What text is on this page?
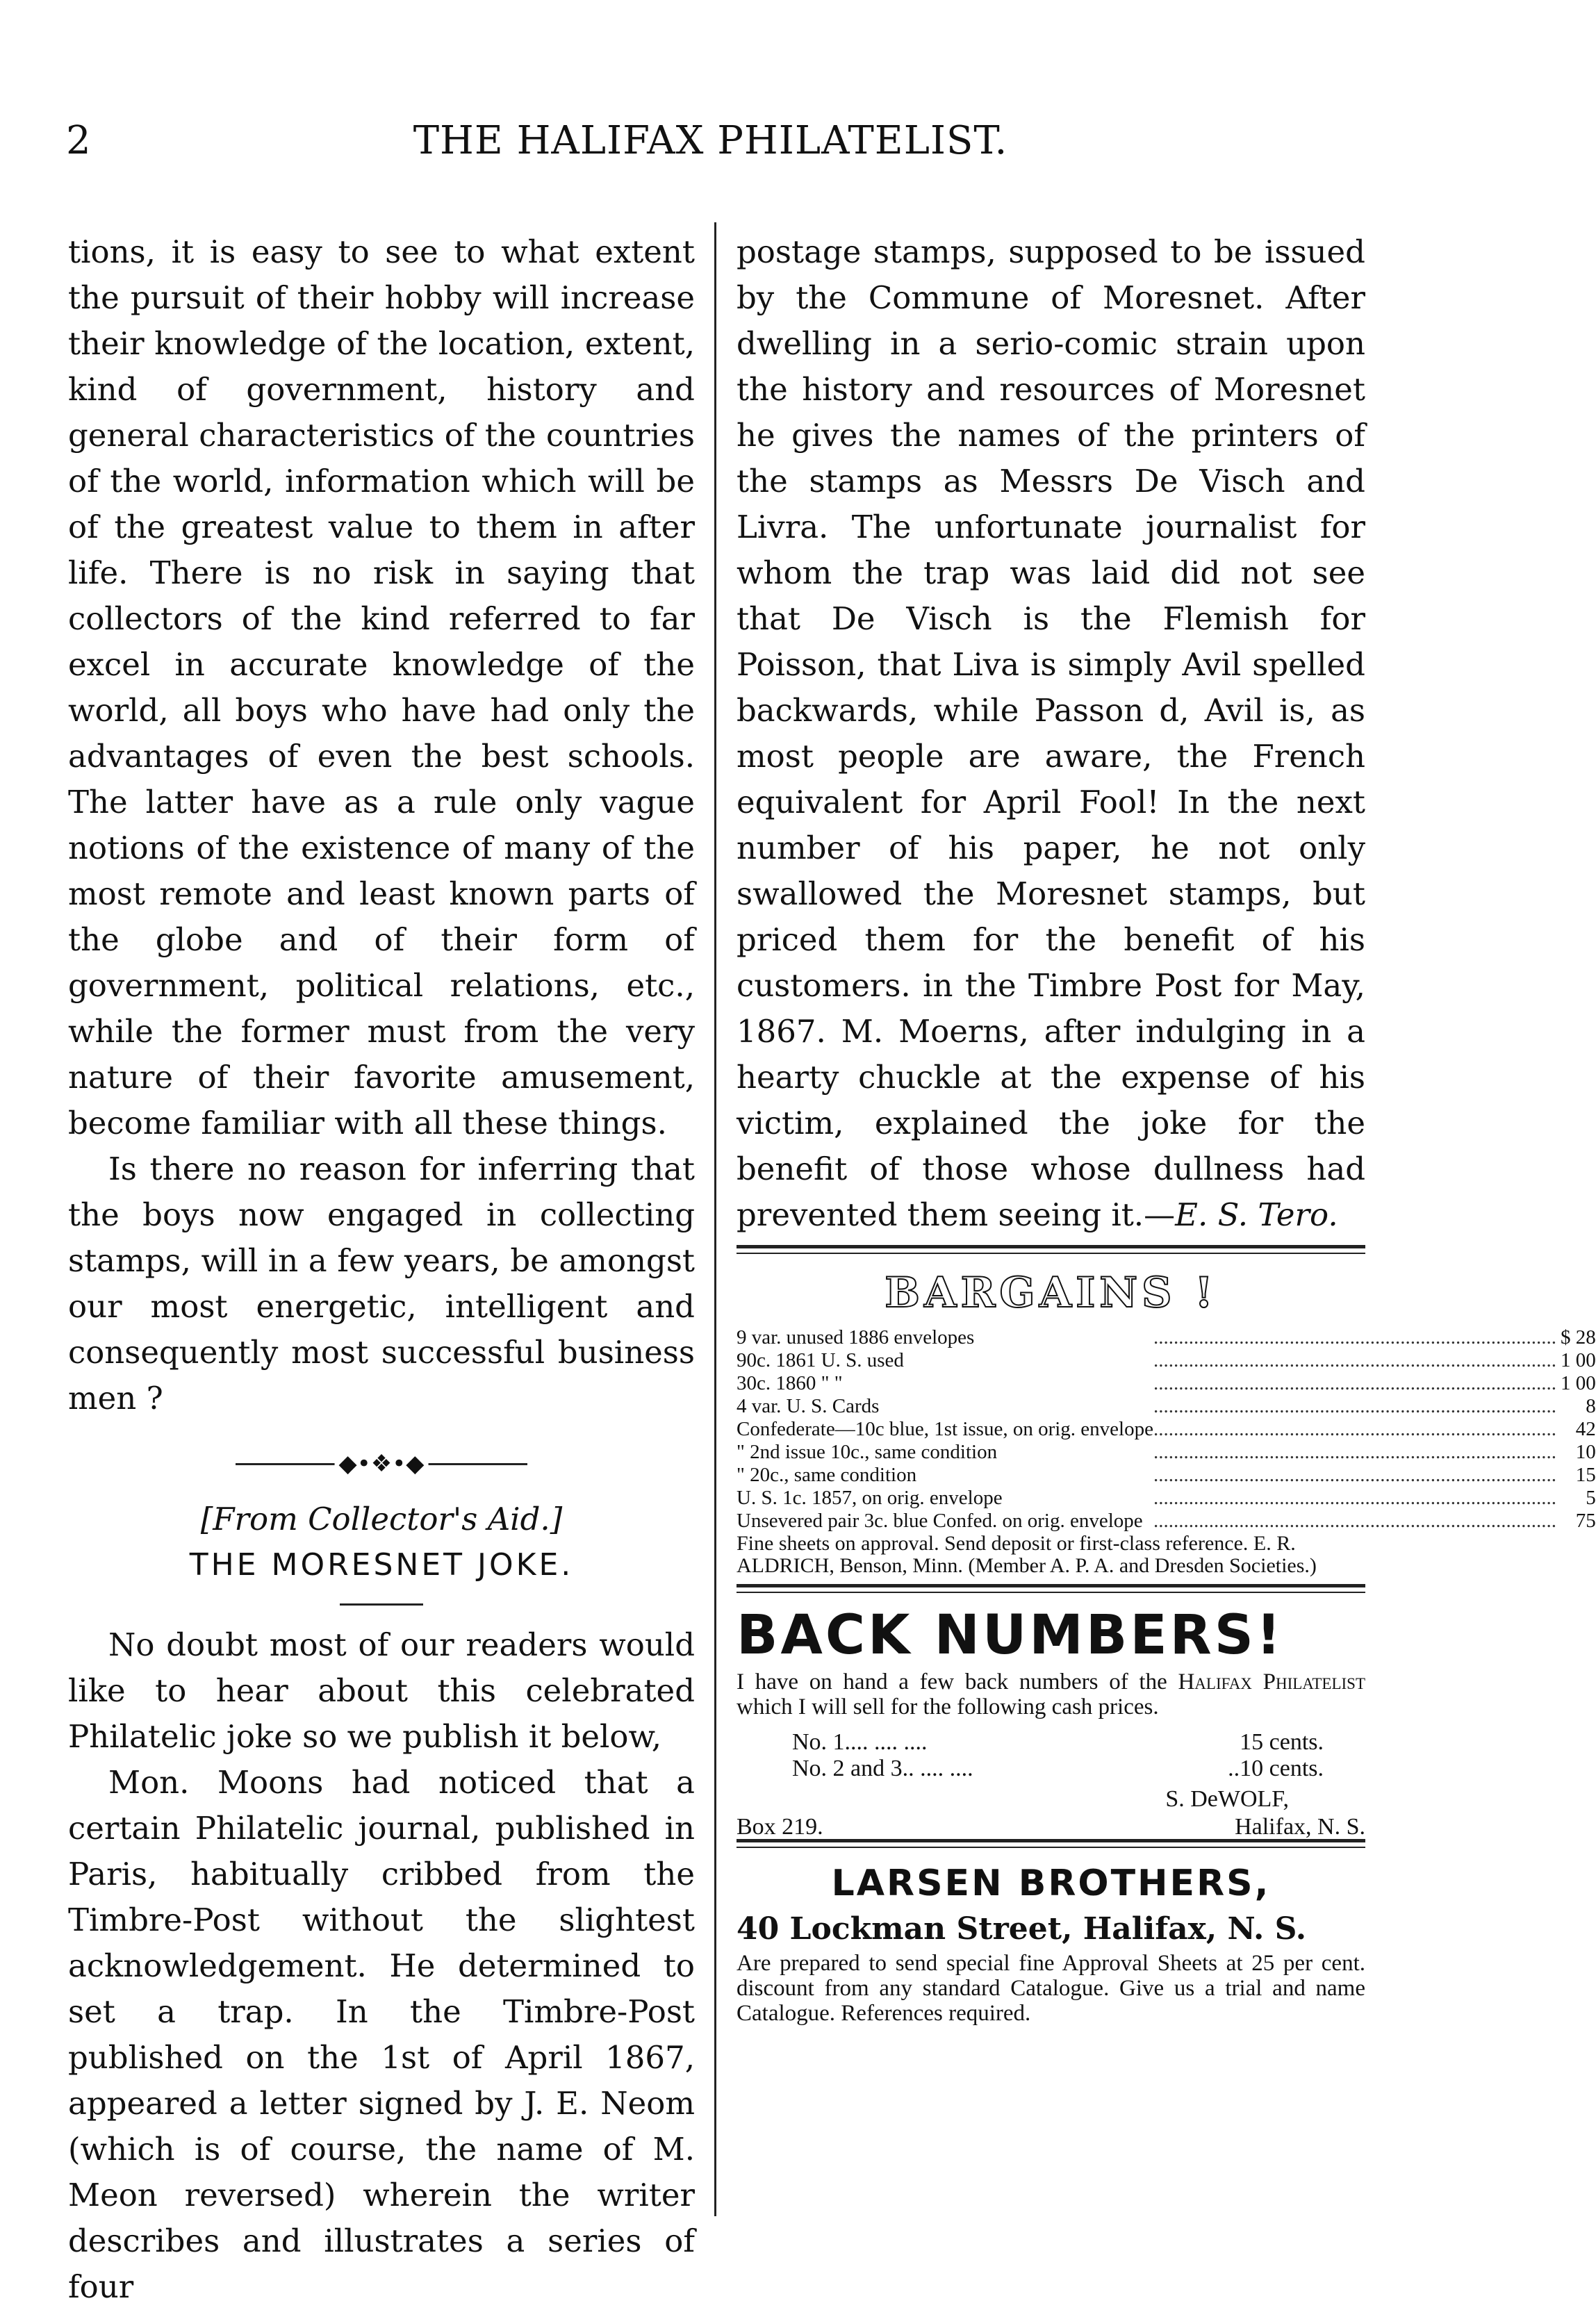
2	THE HALIFAX PHILATELIST.

tions, it is easy to see to what extent the pursuit of their hobby will increase their knowledge of the location, extent, kind of government, history and general characteristics of the countries of the world, information which will be of the greatest value to them in after life. There is no risk in saying that collectors of the kind referred to far excel in accurate knowledge of the world, all boys who have had only the advantages of even the best schools. The latter have as a rule only vague notions of the existence of many of the most remote and least known parts of the globe and of their form of government, political relations, etc., while the former must from the very nature of their favorite amusement, become familiar with all these things.

Is there no reason for inferring that the boys now engaged in collecting stamps, will in a few years, be amongst our most energetic, intelligent and consequently most successful business men ?

◆•❖•◆

[From Collector's Aid.]

THE MORESNET JOKE.

No doubt most of our readers would like to hear about this celebrated Philatelic joke so we publish it below,

Mon. Moons had noticed that a certain Philatelic journal, published in Paris, habitually cribbed from the Timbre-Post without the slightest acknowledgement. He determined to set a trap. In the Timbre-Post published on the 1st of April 1867, appeared a letter signed by J. E. Neom (which is of course, the name of M. Meon reversed) wherein the writer describes and illustrates a series of four

postage stamps, supposed to be issued by the Commune of Moresnet. After dwelling in a serio-comic strain upon the history and resources of Moresnet he gives the names of the printers of the stamps as Messrs De Visch and Livra. The unfortunate journalist for whom the trap was laid did not see that De Visch is the Flemish for Poisson, that Liva is simply Avil spelled backwards, while Passon d, Avil is, as most people are aware, the French equivalent for April Fool! In the next number of his paper, he not only swallowed the Moresnet stamps, but priced them for the benefit of his customers. in the Timbre Post for May, 1867. M. Moerns, after indulging in a hearty chuckle at the expense of his victim, explained the joke for the benefit of those whose dullness had prevented them seeing it.—E. S. Tero.

BARGAINS !
9 var. unused 1886 envelopes	................................................................................	$ 28
90c. 1861 U. S. used	................................................................................	1 00
30c. 1860 " "	................................................................................	1 00
4 var. U. S. Cards	................................................................................	8
Confederate—10c blue, 1st issue, on orig. envelope	................................................................................	42
" 2nd issue 10c., same condition	................................................................................	10
" 20c., same condition	................................................................................	15
U. S. 1c. 1857, on orig. envelope	................................................................................	5
Unsevered pair 3c. blue Confed. on orig. envelope	................................................................................	75

Fine sheets on approval. Send deposit or first-class reference. E. R. ALDRICH, Benson, Minn. (Member A. P. A. and Dresden Societies.)

BACK NUMBERS!

I have on hand a few back numbers of the Halifax Philatelist which I will sell for the following cash prices.

No. 1.... .... ....	15 cents.
No. 2 and 3.. .... ....	..10 cents.
S. DeWOLF,
Box 219.	Halifax, N. S.
LARSEN BROTHERS,
40 Lockman Street, Halifax, N. S.

Are prepared to send special fine Approval Sheets at 25 per cent. discount from any standard Catalogue. Give us a trial and name Catalogue. References required.
